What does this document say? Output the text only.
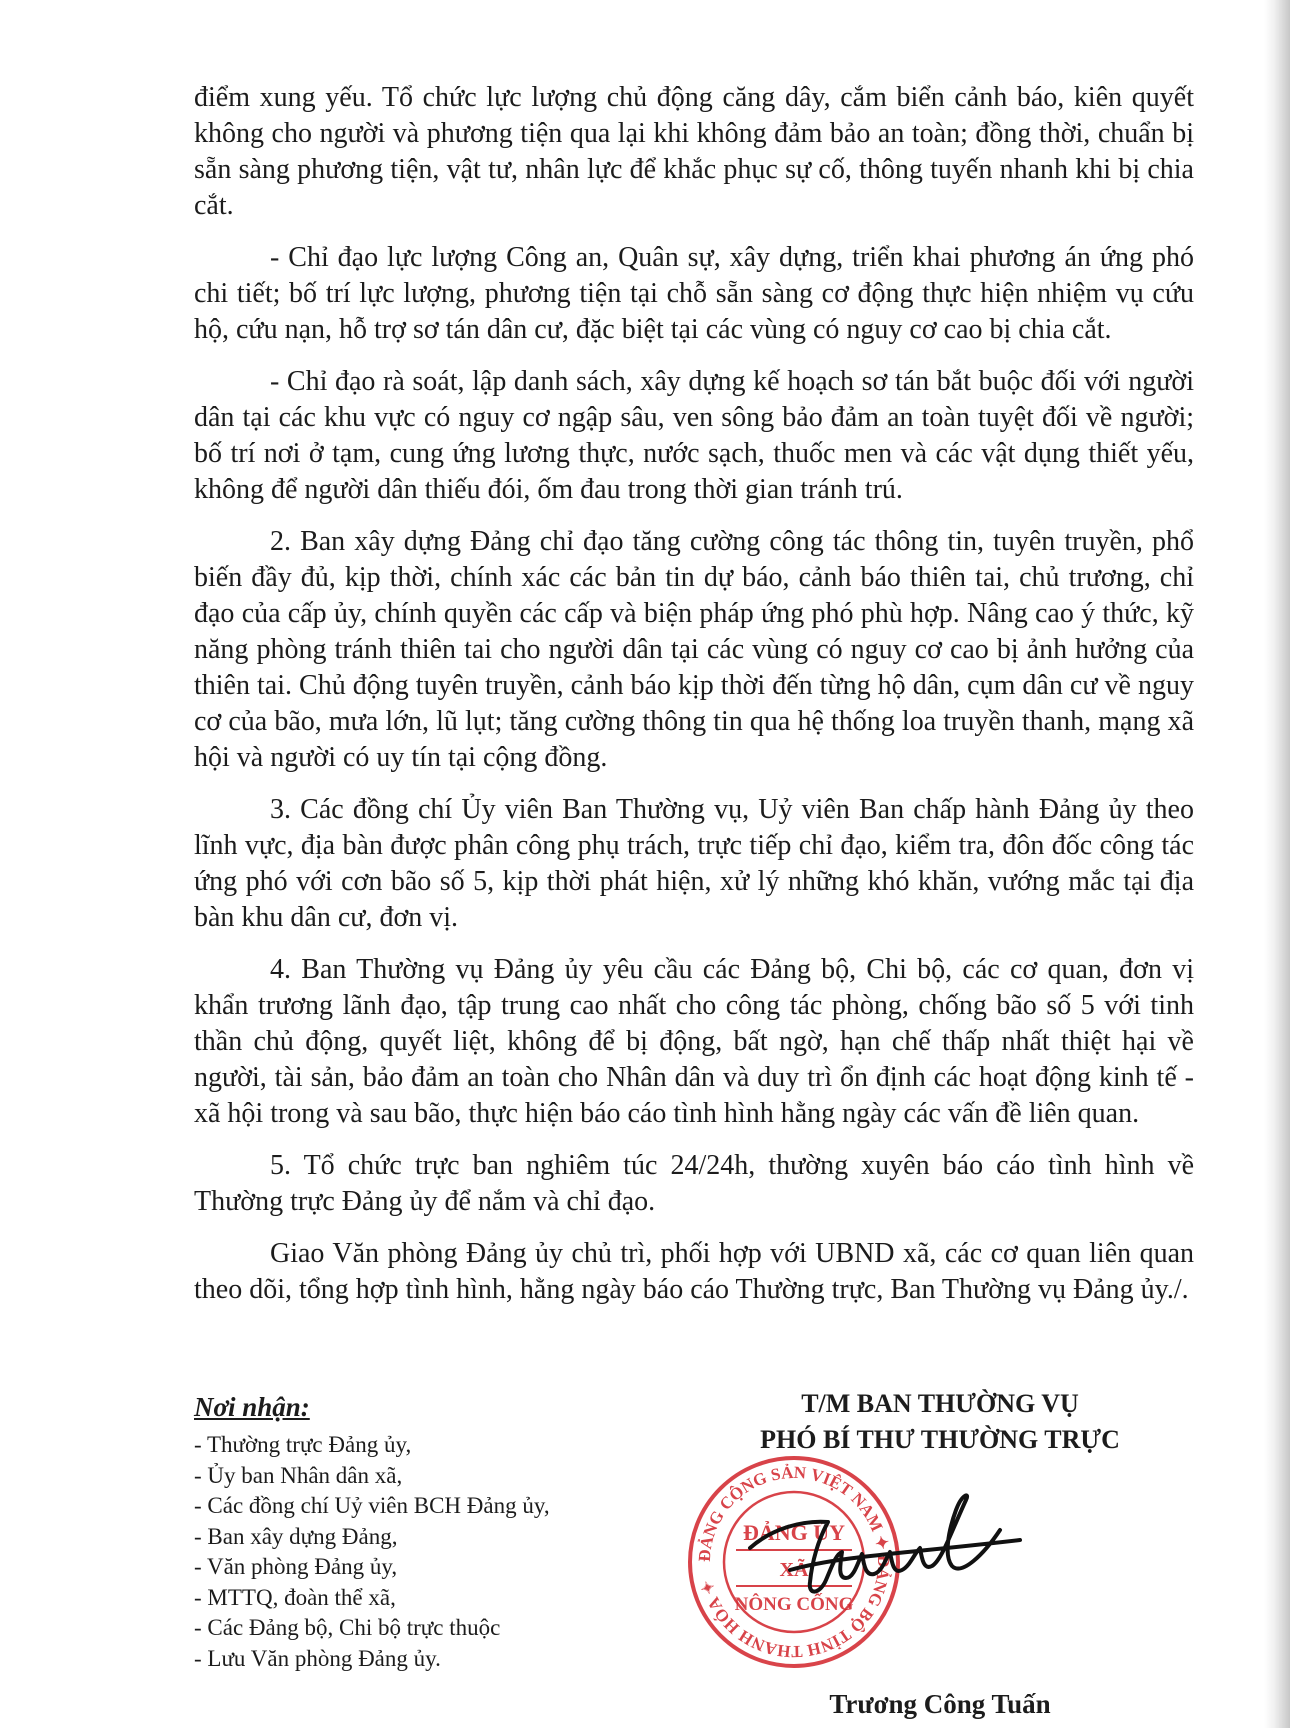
điểm xung yếu. Tổ chức lực lượng chủ động căng dây, cắm biển cảnh báo, kiên quyết không cho người và phương tiện qua lại khi không đảm bảo an toàn; đồng thời, chuẩn bị sẵn sàng phương tiện, vật tư, nhân lực để khắc phục sự cố, thông tuyến nhanh khi bị chia cắt.

- Chỉ đạo lực lượng Công an, Quân sự, xây dựng, triển khai phương án ứng phó chi tiết; bố trí lực lượng, phương tiện tại chỗ sẵn sàng cơ động thực hiện nhiệm vụ cứu hộ, cứu nạn, hỗ trợ sơ tán dân cư, đặc biệt tại các vùng có nguy cơ cao bị chia cắt.

- Chỉ đạo rà soát, lập danh sách, xây dựng kế hoạch sơ tán bắt buộc đối với người dân tại các khu vực có nguy cơ ngập sâu, ven sông bảo đảm an toàn tuyệt đối về người; bố trí nơi ở tạm, cung ứng lương thực, nước sạch, thuốc men và các vật dụng thiết yếu, không để người dân thiếu đói, ốm đau trong thời gian tránh trú.

2. Ban xây dựng Đảng chỉ đạo tăng cường công tác thông tin, tuyên truyền, phổ biến đầy đủ, kịp thời, chính xác các bản tin dự báo, cảnh báo thiên tai, chủ trương, chỉ đạo của cấp ủy, chính quyền các cấp và biện pháp ứng phó phù hợp. Nâng cao ý thức, kỹ năng phòng tránh thiên tai cho người dân tại các vùng có nguy cơ cao bị ảnh hưởng của thiên tai. Chủ động tuyên truyền, cảnh báo kịp thời đến từng hộ dân, cụm dân cư về nguy cơ của bão, mưa lớn, lũ lụt; tăng cường thông tin qua hệ thống loa truyền thanh, mạng xã hội và người có uy tín tại cộng đồng.

3. Các đồng chí Ủy viên Ban Thường vụ, Uỷ viên Ban chấp hành Đảng ủy theo lĩnh vực, địa bàn được phân công phụ trách, trực tiếp chỉ đạo, kiểm tra, đôn đốc công tác ứng phó với cơn bão số 5, kịp thời phát hiện, xử lý những khó khăn, vướng mắc tại địa bàn khu dân cư, đơn vị.

4. Ban Thường vụ Đảng ủy yêu cầu các Đảng bộ, Chi bộ, các cơ quan, đơn vị khẩn trương lãnh đạo, tập trung cao nhất cho công tác phòng, chống bão số 5 với tinh thần chủ động, quyết liệt, không để bị động, bất ngờ, hạn chế thấp nhất thiệt hại về người, tài sản, bảo đảm an toàn cho Nhân dân và duy trì ổn định các hoạt động kinh tế - xã hội trong và sau bão, thực hiện báo cáo tình hình hằng ngày các vấn đề liên quan.

5. Tổ chức trực ban nghiêm túc 24/24h, thường xuyên báo cáo tình hình về Thường trực Đảng ủy để nắm và chỉ đạo.

Giao Văn phòng Đảng ủy chủ trì, phối hợp với UBND xã, các cơ quan liên quan theo dõi, tổng hợp tình hình, hằng ngày báo cáo Thường trực, Ban Thường vụ Đảng ủy./.

Nơi nhận:
- Thường trực Đảng ủy,
- Ủy ban Nhân dân xã,
- Các đồng chí Uỷ viên BCH Đảng ủy,
- Ban xây dựng Đảng,
- Văn phòng Đảng ủy,
- MTTQ, đoàn thể xã,
- Các Đảng bộ, Chi bộ trực thuộc
- Lưu Văn phòng Đảng ủy.
T/M BAN THƯỜNG VỤ
PHÓ BÍ THƯ THƯỜNG TRỰC
Trương Công Tuấn
ĐẢNG CỘNG SẢN VIỆT NAM ✦ ĐẢNG BỘ TỈNH THANH HÓA ✦
ĐẢNG ỦY
XÃ
NÔNG CỐNG
